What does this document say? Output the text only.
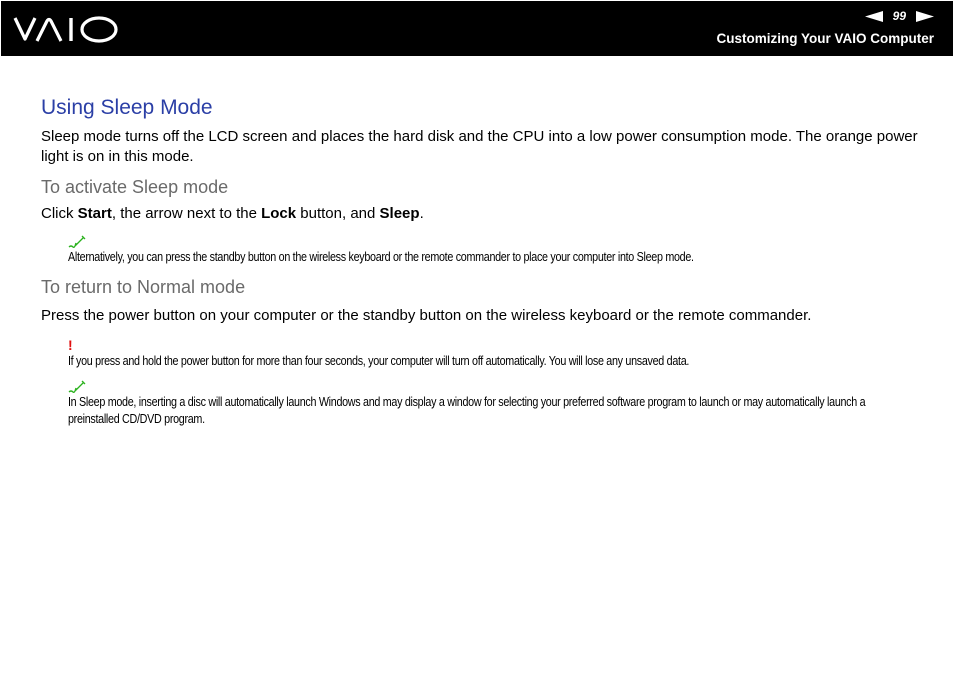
99
Customizing Your VAIO Computer
Using Sleep Mode

Sleep mode turns off the LCD screen and places the hard disk and the CPU into a low power consumption mode. The orange power light is on in this mode.

To activate Sleep mode
Click Start, the arrow next to the Lock button, and Sleep.
Alternatively, you can press the standby button on the wireless keyboard or the remote commander to place your computer into Sleep mode.
To return to Normal mode
Press the power button on your computer or the standby button on the wireless keyboard or the remote commander.
!
If you press and hold the power button for more than four seconds, your computer will turn off automatically. You will lose any unsaved data.
In Sleep mode, inserting a disc will automatically launch Windows and may display a window for selecting your preferred software program to launch or may automatically launch a preinstalled CD/DVD program.
